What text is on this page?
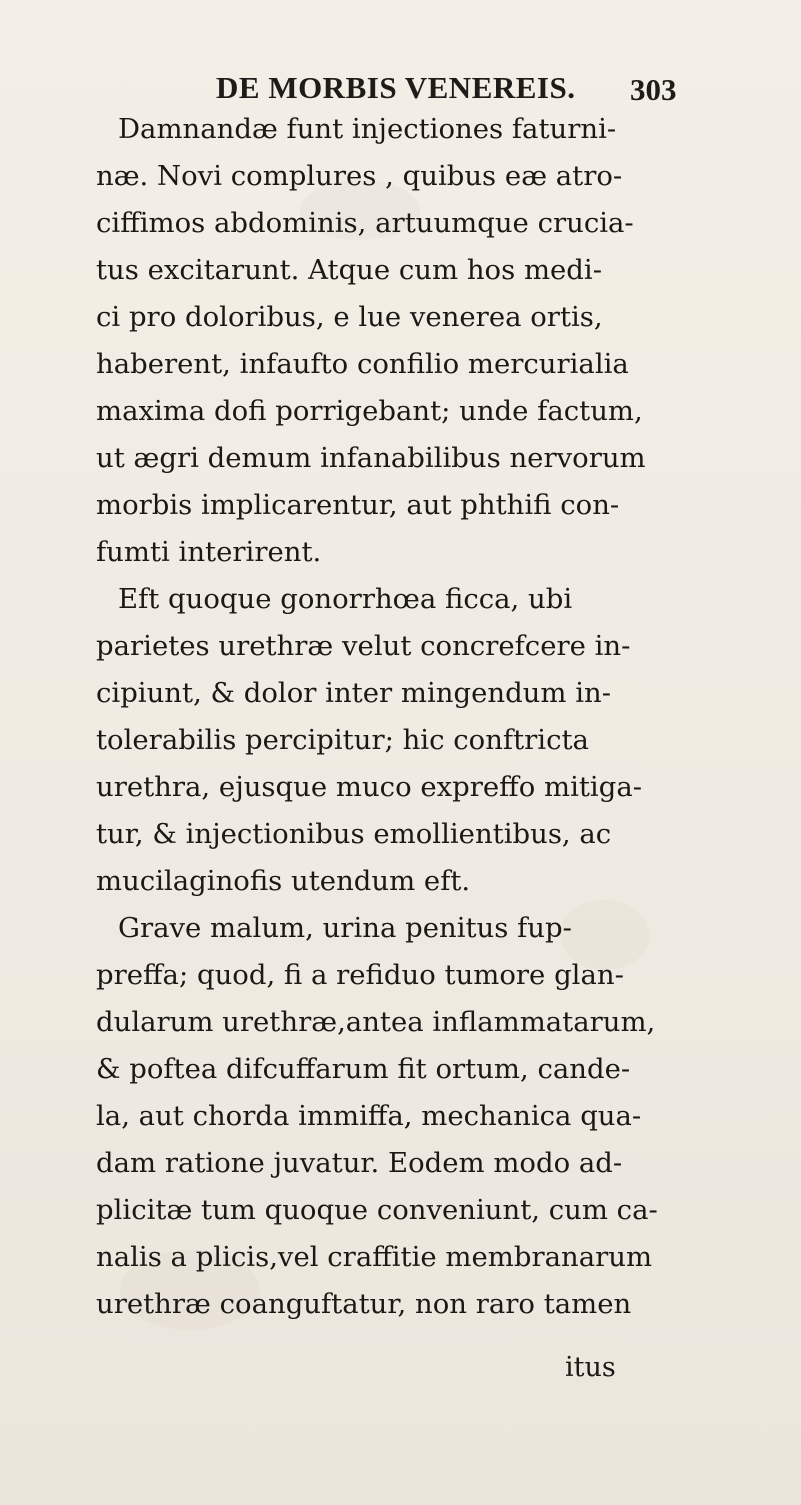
DE MORBIS VENEREIS. 303
Damnandæ funt injectiones faturni-
næ. Novi complures , quibus eæ atro-
ciffimos abdominis, artuumque crucia-
tus excitarunt. Atque cum hos medi-
ci pro doloribus, e lue venerea ortis,
haberent, infaufto confilio mercurialia
maxima dofi porrigebant; unde factum,
ut ægri demum infanabilibus nervorum
morbis implicarentur, aut phthifi con-
fumti interirent.
Eft quoque gonorrhœa ficca, ubi
parietes urethræ velut concrefcere in-
cipiunt, & dolor inter mingendum in-
tolerabilis percipitur; hic conftricta
urethra, ejusque muco expreffo mitiga-
tur, & injectionibus emollientibus, ac
mucilaginofis utendum eft.
Grave malum, urina penitus fup-
preffa; quod, fi a refiduo tumore glan-
dularum urethræ,antea inflammatarum,
& poftea difcuffarum fit ortum, cande-
la, aut chorda immiffa, mechanica qua-
dam ratione juvatur. Eodem modo ad-
plicitæ tum quoque conveniunt, cum ca-
nalis a plicis,vel craffitie membranarum
urethræ coanguftatur, non raro tamen
itus
